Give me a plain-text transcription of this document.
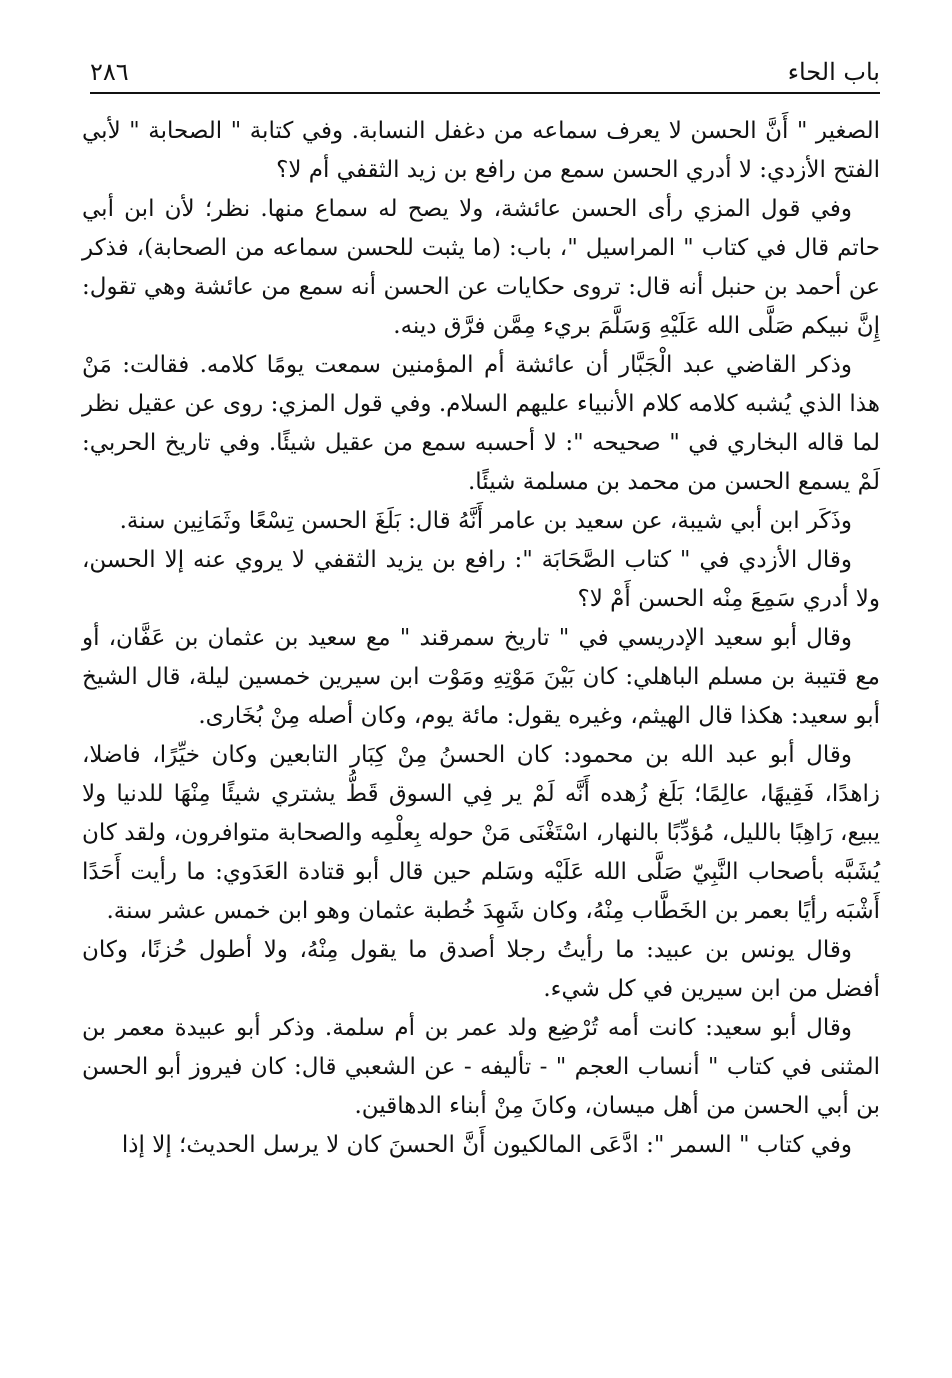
باب الحاء
٢٨٦

الصغير " أَنَّ الحسن لا يعرف سماعه من دغفل النسابة. وفي كتابة " الصحابة " لأبي الفتح الأزدي: لا أدري الحسن سمع من رافع بن زيد الثقفي أم لا؟

وفي قول المزي رأى الحسن عائشة، ولا يصح له سماع منها. نظر؛ لأن ابن أبي حاتم قال في كتاب " المراسيل "، باب: (ما يثبت للحسن سماعه من الصحابة)، فذكر عن أحمد بن حنبل أنه قال: تروى حكايات عن الحسن أنه سمع من عائشة وهي تقول: إِنَّ نبيكم صَلَّى الله عَلَيْهِ وَسَلَّمَ بريء مِمَّن فرَّق دينه.

وذكر القاضي عبد الْجَبَّار أن عائشة أم المؤمنين سمعت يومًا كلامه. فقالت: مَنْ هذا الذي يُشبه كلامه كلام الأنبياء عليهم السلام. وفي قول المزي: روى عن عقيل نظر لما قاله البخاري في " صحيحه ": لا أحسبه سمع من عقيل شيئًا. وفي تاريخ الحربي: لَمْ يسمع الحسن من محمد بن مسلمة شيئًا.

وذَكَر ابن أبي شيبة، عن سعيد بن عامر أَنَّهُ قال: بَلَغَ الحسن تِسْعًا وثَمَانِين سنة.

وقال الأزدي في " كتاب الصَّحَابَة ": رافع بن يزيد الثقفي لا يروي عنه إلا الحسن، ولا أدري سَمِعَ مِنْه الحسن أَمْ لا؟

وقال أبو سعيد الإدريسي في " تاريخ سمرقند " مع سعيد بن عثمان بن عَفَّان، أو مع قتيبة بن مسلم الباهلي: كان بَيْنَ مَوْتِهِ ومَوْت ابن سيرين خمسين ليلة، قال الشيخ أبو سعيد: هكذا قال الهيثم، وغيره يقول: مائة يوم، وكان أصله مِنْ بُخَارى.

وقال أبو عبد الله بن محمود: كان الحسنُ مِنْ كِبَار التابعين وكان خيِّرًا، فاضلا، زاهدًا، فَقِيهًا، عالِمًا؛ بَلَغ زُهده أَنَّه لَمْ ير فِي السوق قَطُّ يشتري شيئًا مِنْهَا للدنيا ولا يبيع، رَاهِبًا بالليل، مُؤدِّبًا بالنهار، اسْتَغْنَى مَنْ حوله بِعلْمِه والصحابة متوافرون، ولقد كان يُشَبَّه بأصحاب النَّبِيّ صَلَّى الله عَلَيْه وسَلم حين قال أبو قتادة العَدَوي: ما رأيت أَحَدًا أَشْبَه رأيًا بعمر بن الخَطَّاب مِنْهُ، وكان شَهِدَ خُطبة عثمان وهو ابن خمس عشر سنة.

وقال يونس بن عبيد: ما رأيتُ رجلا أصدق ما يقول مِنْهُ، ولا أطول حُزنًا، وكان أفضل من ابن سيرين في كل شيء.

وقال أبو سعيد: كانت أمه تُرْضِع ولد عمر بن أم سلمة. وذكر أبو عبيدة معمر بن المثنى في كتاب " أنساب العجم " - تأليفه - عن الشعبي قال: كان فيروز أبو الحسن بن أبي الحسن من أهل ميسان، وكانَ مِنْ أبناء الدهاقين.

وفي كتاب " السمر ": ادَّعَى المالكيون أَنَّ الحسنَ كان لا يرسل الحديث؛ إلا إذا
